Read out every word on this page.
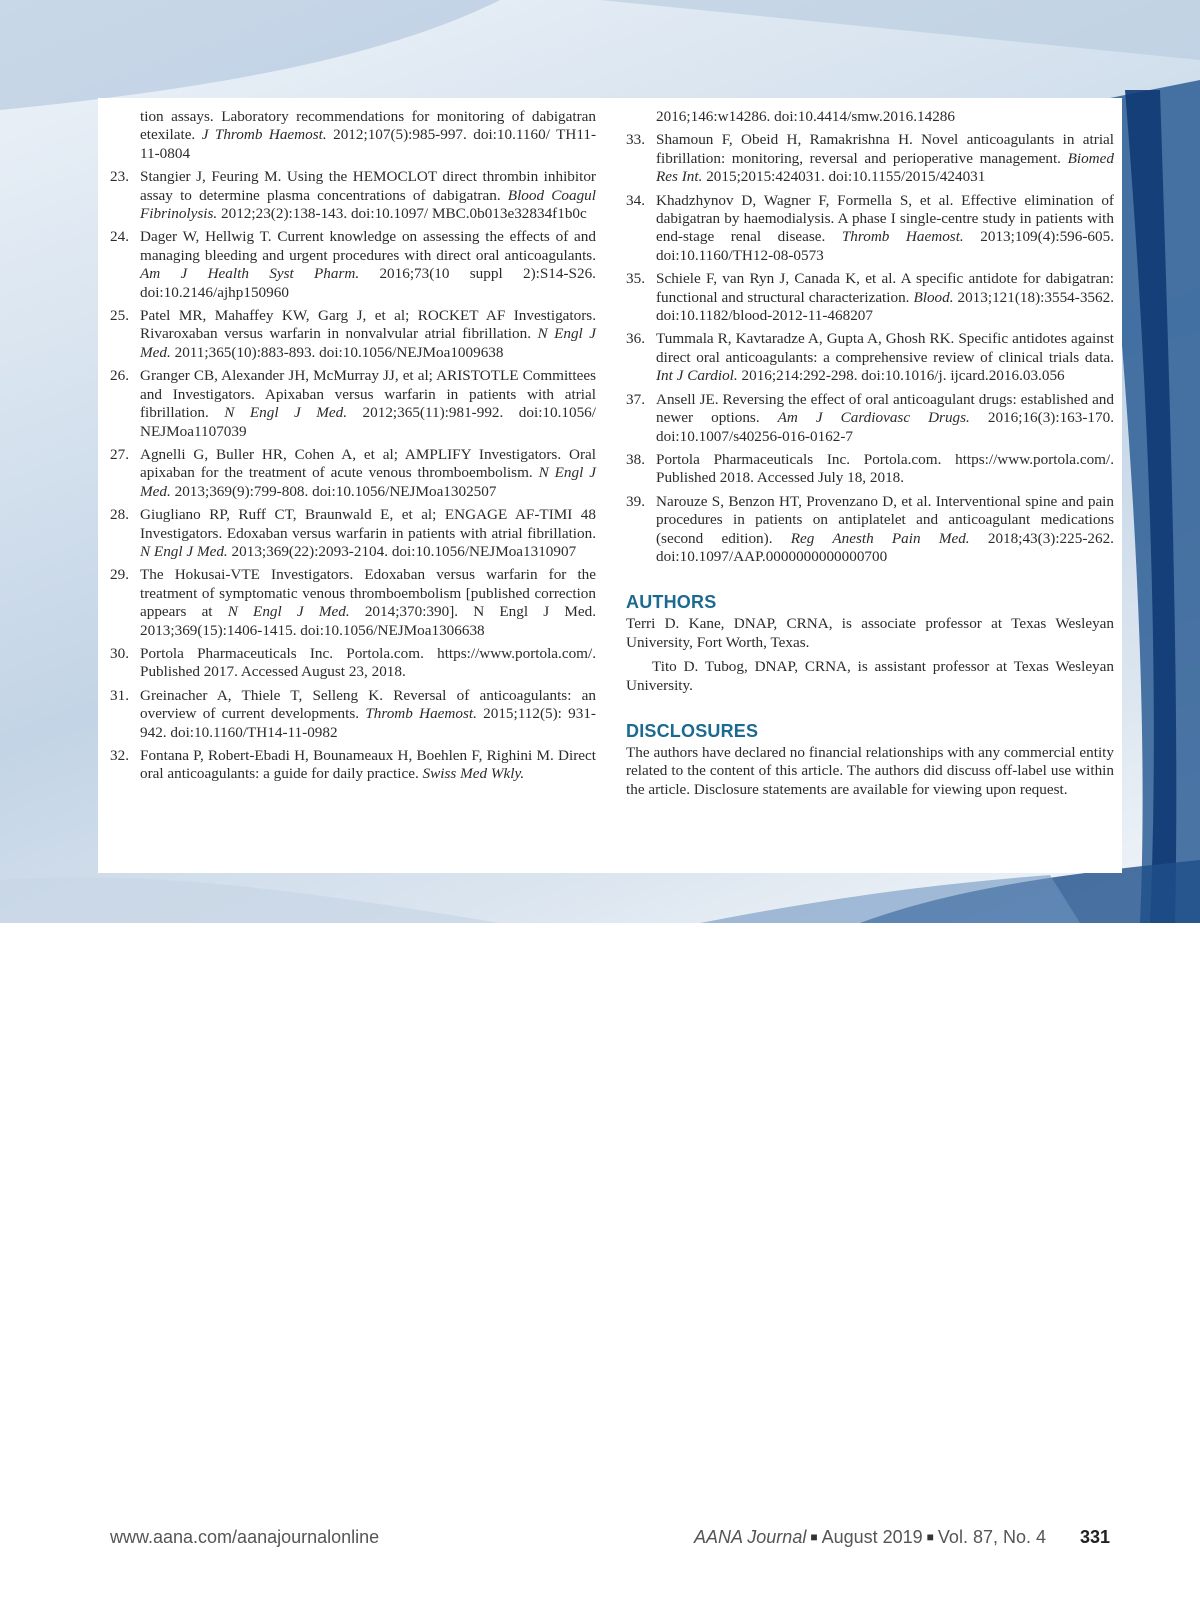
tion assays. Laboratory recommendations for monitoring of dabigatran etexilate. J Thromb Haemost. 2012;107(5):985-997. doi:10.1160/ TH11-11-0804
23. Stangier J, Feuring M. Using the HEMOCLOT direct thrombin inhibitor assay to determine plasma concentrations of dabigatran. Blood Coagul Fibrinolysis. 2012;23(2):138-143. doi:10.1097/ MBC.0b013e32834f1b0c
24. Dager W, Hellwig T. Current knowledge on assessing the effects of and managing bleeding and urgent procedures with direct oral anticoagulants. Am J Health Syst Pharm. 2016;73(10 suppl 2):S14-S26. doi:10.2146/ajhp150960
25. Patel MR, Mahaffey KW, Garg J, et al; ROCKET AF Investigators. Rivaroxaban versus warfarin in nonvalvular atrial fibrillation. N Engl J Med. 2011;365(10):883-893. doi:10.1056/NEJMoa1009638
26. Granger CB, Alexander JH, McMurray JJ, et al; ARISTOTLE Committees and Investigators. Apixaban versus warfarin in patients with atrial fibrillation. N Engl J Med. 2012;365(11):981-992. doi:10.1056/ NEJMoa1107039
27. Agnelli G, Buller HR, Cohen A, et al; AMPLIFY Investigators. Oral apixaban for the treatment of acute venous thromboembolism. N Engl J Med. 2013;369(9):799-808. doi:10.1056/NEJMoa1302507
28. Giugliano RP, Ruff CT, Braunwald E, et al; ENGAGE AF-TIMI 48 Investigators. Edoxaban versus warfarin in patients with atrial fibrillation. N Engl J Med. 2013;369(22):2093-2104. doi:10.1056/NEJMoa1310907
29. The Hokusai-VTE Investigators. Edoxaban versus warfarin for the treatment of symptomatic venous thromboembolism [published correction appears at N Engl J Med. 2014;370:390]. N Engl J Med. 2013;369(15):1406-1415. doi:10.1056/NEJMoa1306638
30. Portola Pharmaceuticals Inc. Portola.com. https://www.portola.com/. Published 2017. Accessed August 23, 2018.
31. Greinacher A, Thiele T, Selleng K. Reversal of anticoagulants: an overview of current developments. Thromb Haemost. 2015;112(5): 931-942. doi:10.1160/TH14-11-0982
32. Fontana P, Robert-Ebadi H, Bounameaux H, Boehlen F, Righini M. Direct oral anticoagulants: a guide for daily practice. Swiss Med Wkly.
2016;146:w14286. doi:10.4414/smw.2016.14286
33. Shamoun F, Obeid H, Ramakrishna H. Novel anticoagulants in atrial fibrillation: monitoring, reversal and perioperative management. Biomed Res Int. 2015;2015:424031. doi:10.1155/2015/424031
34. Khadzhynov D, Wagner F, Formella S, et al. Effective elimination of dabigatran by haemodialysis. A phase I single-centre study in patients with end-stage renal disease. Thromb Haemost. 2013;109(4):596-605. doi:10.1160/TH12-08-0573
35. Schiele F, van Ryn J, Canada K, et al. A specific antidote for dabigatran: functional and structural characterization. Blood. 2013;121(18):3554-3562. doi:10.1182/blood-2012-11-468207
36. Tummala R, Kavtaradze A, Gupta A, Ghosh RK. Specific antidotes against direct oral anticoagulants: a comprehensive review of clinical trials data. Int J Cardiol. 2016;214:292-298. doi:10.1016/j. ijcard.2016.03.056
37. Ansell JE. Reversing the effect of oral anticoagulant drugs: established and newer options. Am J Cardiovasc Drugs. 2016;16(3):163-170. doi:10.1007/s40256-016-0162-7
38. Portola Pharmaceuticals Inc. Portola.com. https://www.portola.com/. Published 2018. Accessed July 18, 2018.
39. Narouze S, Benzon HT, Provenzano D, et al. Interventional spine and pain procedures in patients on antiplatelet and anticoagulant medications (second edition). Reg Anesth Pain Med. 2018;43(3):225-262. doi:10.1097/AAP.0000000000000700
AUTHORS

Terri D. Kane, DNAP, CRNA, is associate professor at Texas Wesleyan University, Fort Worth, Texas.

Tito D. Tubog, DNAP, CRNA, is assistant professor at Texas Wesleyan University.

DISCLOSURES

The authors have declared no financial relationships with any commercial entity related to the content of this article. The authors did discuss off-label use within the article. Disclosure statements are available for viewing upon request.

www.aana.com/aanajournalonline	AANA Journal ■ August 2019 ■ Vol. 87, No. 4 331
